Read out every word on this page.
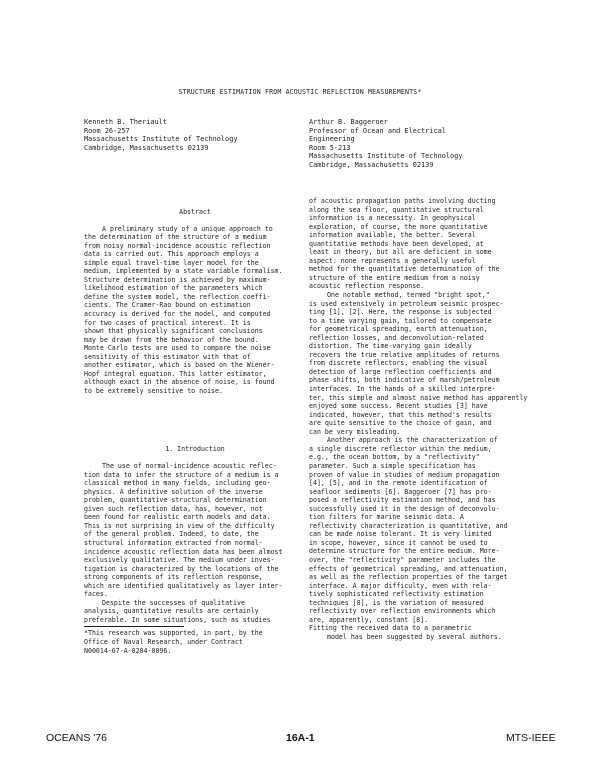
STRUCTURE ESTIMATION FROM ACOUSTIC REFLECTION MEASUREMENTS*
Kenneth B. Theriault
Room 26-257
Massachusetts Institute of Technology
Cambridge, Massachusetts 02139
Arthur B. Baggeroer
Professor of Ocean and Electrical
Engineering
Room 5-213
Massachusetts Institute of Technology
Cambridge, Massachusetts 02139
Abstract
A preliminary study of a unique approach to
the determination of the structure of a medium
from noisy normal-incidence acoustic reflection
data is carried out. This approach employs a
simple equal travel-time layer model for the
medium, implemented by a state variable formalism.
Structure determination is achieved by maximum-
likelihood estimation of the parameters which
define the system model, the reflection coeffi-
cients. The Cramer-Rao bound on estimation
accuracy is derived for the model, and computed
for two cases of practical interest. It is
shown that physically significant conclusions
may be drawn from the behavior of the bound.
Monte Carlo tests are used to compare the noise
sensitivity of this estimator with that of
another estimator, which is based on the Wiener-
Hopf integral equation. This latter estimator,
although exact in the absence of noise, is found
to be extremely sensitive to noise.
1. Introduction
The use of normal-incidence acoustic reflec-
tion data to infer the structure of a medium is a
classical method in many fields, including geo-
physics. A definitive solution of the inverse
problem, quantitative structural determination
given such reflection data, has, however, not
been found for realistic earth models and data.
This is not surprising in view of the difficulty
of the general problem. Indeed, to date, the
structural information extracted from normal-
incidence acoustic reflection data has been almost
exclusively qualitative. The medium under inves-
tigation is characterized by the locations of the
strong components of its reflection response,
which are identified qualitatively as layer inter-
faces.
Despite the successes of qualitative
analysis, quantitative results are certainly
preferable. In some situations, such as studies
*This research was supported, in part, by the
Office of Naval Research, under Contract
N00014-67-A-0204-0096.
of acoustic propagation paths involving ducting
along the sea floor, quantitative structural
information is a necessity. In geophysical
exploration, of course, the more quantitative
information available, the better. Several
quantitative methods have been developed, at
least in theory, but all are deficient in some
aspect: none represents a generally useful
method for the quantitative determination of the
structure of the entire medium from a noisy
acoustic reflection response.
One notable method, termed "bright spot,"
is used extensively in petroleum seismic prospec-
ting [1], [2]. Here, the response is subjected
to a time varying gain, tailored to compensate
for geometrical spreading, earth attenuation,
reflection losses, and deconvolution-related
distortion. The time-varying gain ideally
recovers the true relative amplitudes of returns
from discrete reflectors, enabling the visual
detection of large reflection coefficients and
phase shifts, both indicative of marsh/petroleum
interfaces. In the hands of a skilled interpre-
ter, this simple and almost naive method has apparently
enjoyed some success. Recent studies [3] have
indicated, however, that this method's results
are quite sensitive to the choice of gain, and
can be very misleading.
Another approach is the characterization of
a single discrete reflector within the medium,
e.g., the ocean bottom, by a "reflectivity"
parameter. Such a simple specification has
proven of value in studies of medium propagation
[4], [5], and in the remote identification of
seafloor sediments [6]. Baggeroer [7] has pro-
posed a reflectivity estimation method, and has
successfully used it in the design of deconvolu-
tion filters for marine seismic data. A
reflectivity characterization is quantitative, and
can be made noise tolerant. It is very limited
in scope, however, since it cannot be used to
determine structure for the entire medium. More-
over, the "reflectivity" parameter includes the
effects of geometrical spreading, and attenuation,
as well as the reflection properties of the target
interface. A major difficulty, even with rela-
tively sophisticated reflectivity estimation
techniques [8], is the variation of measured
reflectivity over reflection environments which
are, apparently, constant [8].
Fitting the received data to a parametric
model has been suggested by several authors.
OCEANS '76	16A-1	MTS-IEEE
